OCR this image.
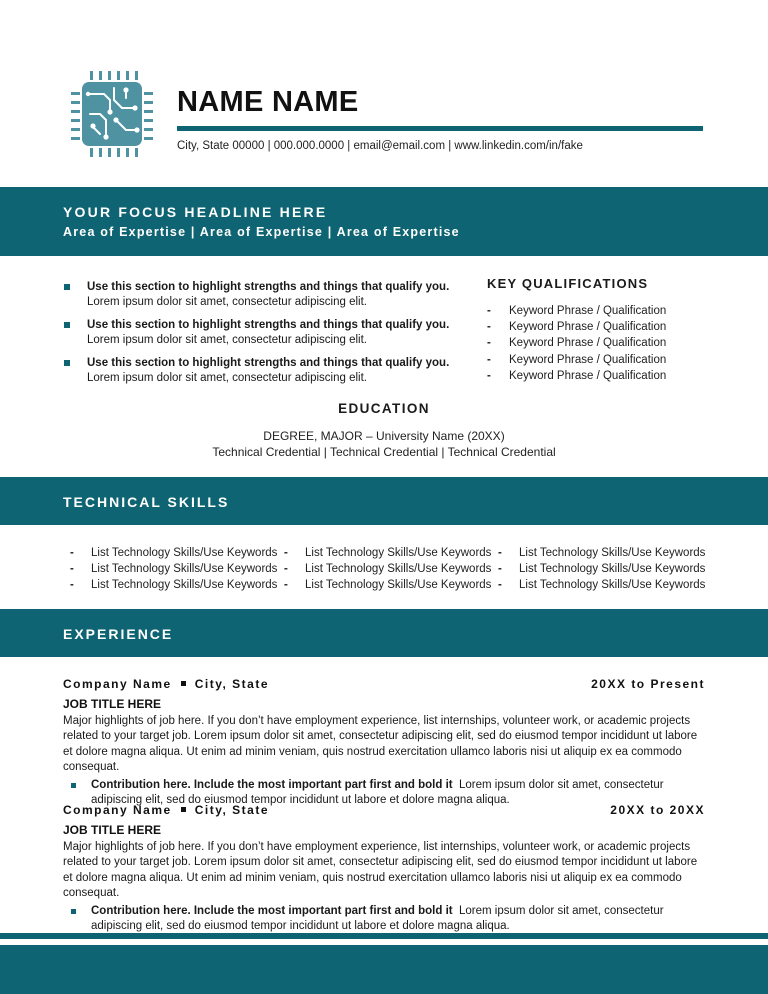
NAME NAME
City, State 00000 | 000.000.0000 | email@email.com | www.linkedin.com/in/fake
YOUR FOCUS HEADLINE HERE
Area of Expertise | Area of Expertise | Area of Expertise
Use this section to highlight strengths and things that qualify you. Lorem ipsum dolor sit amet, consectetur adipiscing elit.
Use this section to highlight strengths and things that qualify you. Lorem ipsum dolor sit amet, consectetur adipiscing elit.
Use this section to highlight strengths and things that qualify you. Lorem ipsum dolor sit amet, consectetur adipiscing elit.
KEY QUALIFICATIONS
- Keyword Phrase / Qualification
- Keyword Phrase / Qualification
- Keyword Phrase / Qualification
- Keyword Phrase / Qualification
- Keyword Phrase / Qualification
EDUCATION
DEGREE, MAJOR – University Name (20XX)
Technical Credential | Technical Credential | Technical Credential
TECHNICAL SKILLS
- List Technology Skills/Use Keywords
- List Technology Skills/Use Keywords
- List Technology Skills/Use Keywords
- List Technology Skills/Use Keywords
- List Technology Skills/Use Keywords
- List Technology Skills/Use Keywords
- List Technology Skills/Use Keywords
- List Technology Skills/Use Keywords
- List Technology Skills/Use Keywords
EXPERIENCE
Company Name City, State	20XX to Present
JOB TITLE HERE
Major highlights of job here. If you don’t have employment experience, list internships, volunteer work, or academic projects related to your target job. Lorem ipsum dolor sit amet, consectetur adipiscing elit, sed do eiusmod tempor incididunt ut labore et dolore magna aliqua. Ut enim ad minim veniam, quis nostrud exercitation ullamco laboris nisi ut aliquip ex ea commodo consequat.
Contribution here. Include the most important part first and bold it  Lorem ipsum dolor sit amet, consectetur adipiscing elit, sed do eiusmod tempor incididunt ut labore et dolore magna aliqua.
Company Name City, State	20XX to 20XX
JOB TITLE HERE
Major highlights of job here. If you don’t have employment experience, list internships, volunteer work, or academic projects related to your target job. Lorem ipsum dolor sit amet, consectetur adipiscing elit, sed do eiusmod tempor incididunt ut labore et dolore magna aliqua. Ut enim ad minim veniam, quis nostrud exercitation ullamco laboris nisi ut aliquip ex ea commodo consequat.
Contribution here. Include the most important part first and bold it  Lorem ipsum dolor sit amet, consectetur adipiscing elit, sed do eiusmod tempor incididunt ut labore et dolore magna aliqua.
